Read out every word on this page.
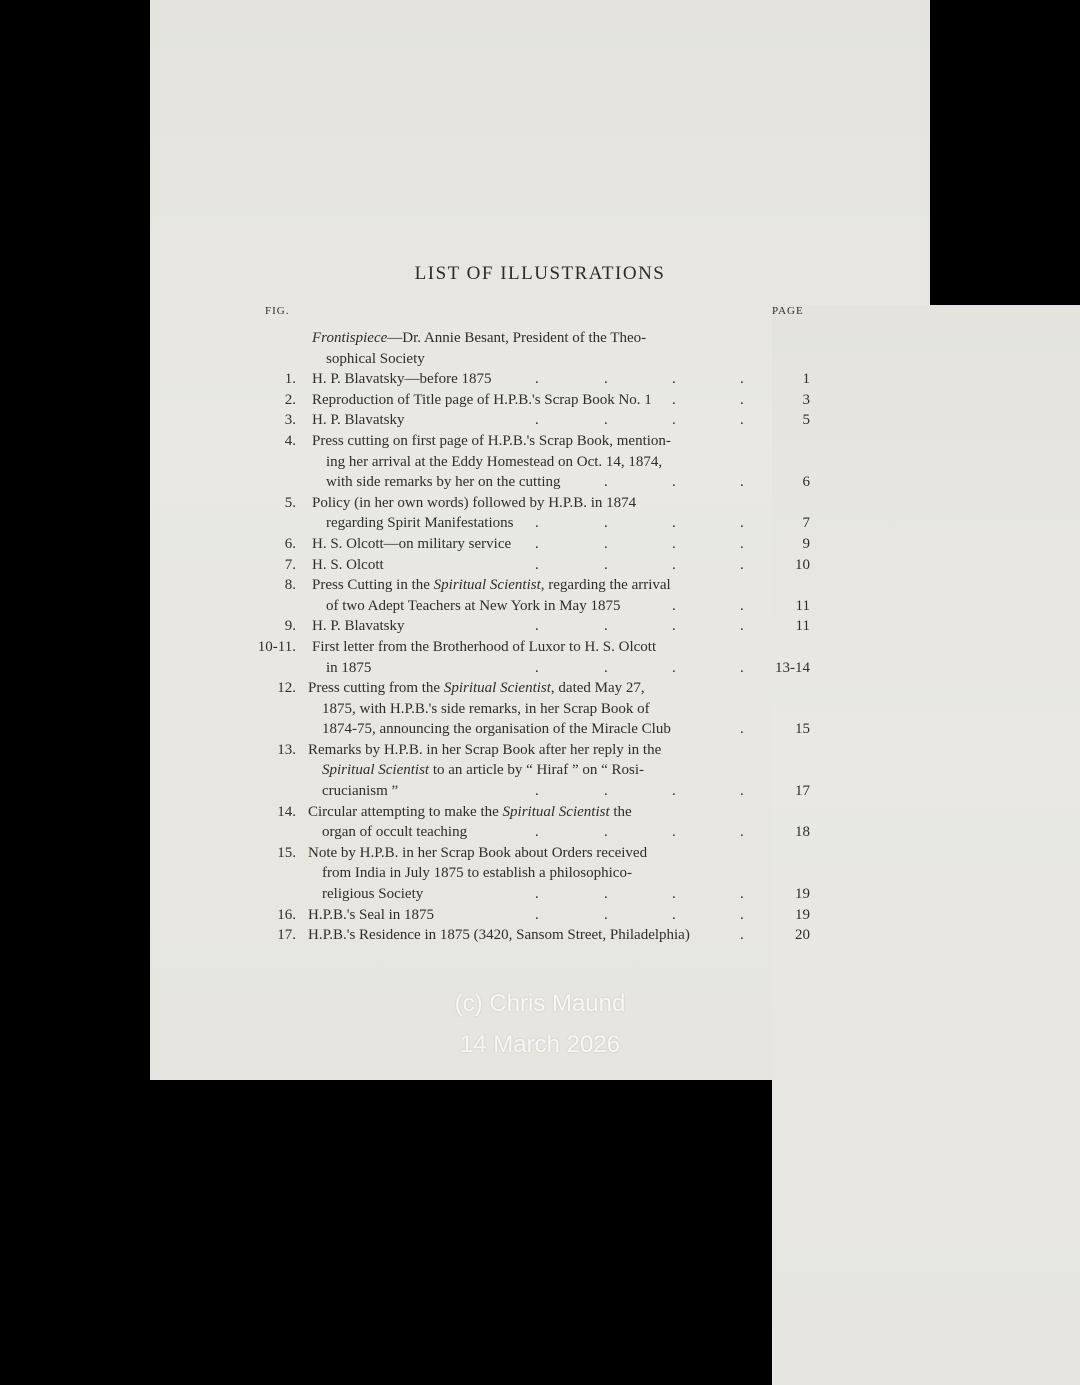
LIST OF ILLUSTRATIONS
FIG.	PAGE
Frontispiece—Dr. Annie Besant, President of the Theo-
sophical Society
1. H. P. Blavatsky—before 1875	.	.	.	.	1
2. Reproduction of Title page of H.P.B.'s Scrap Book No. 1 .	.	3
3. H. P. Blavatsky	.	.	.	.	5
4. Press cutting on first page of H.P.B.'s Scrap Book, mention-
ing her arrival at the Eddy Homestead on Oct. 14, 1874,
with side remarks by her on the cutting	.	.	.	6
5. Policy (in her own words) followed by H.P.B. in 1874
regarding Spirit Manifestations .	.	.	.	7
6. H. S. Olcott—on military service .	.	.	.	9
7. H. S. Olcott	.	.	.	.	10
8. Press Cutting in the Spiritual Scientist, regarding the arrival
of two Adept Teachers at New York in May 1875	.	.	11
9. H. P. Blavatsky	.	.	.	.	11
10-11. First letter from the Brotherhood of Luxor to H. S. Olcott
in 1875	.	.	.	.	13-14
12. Press cutting from the Spiritual Scientist, dated May 27,
1875, with H.P.B.'s side remarks, in her Scrap Book of
1874-75, announcing the organisation of the Miracle Club	.	15
13. Remarks by H.P.B. in her Scrap Book after her reply in the
Spiritual Scientist to an article by “ Hiraf ” on “ Rosi-
crucianism ”	.	.	.	.	17
14. Circular attempting to make the Spiritual Scientist the
organ of occult teaching	.	.	.	.	18
15. Note by H.P.B. in her Scrap Book about Orders received
from India in July 1875 to establish a philosophico-
religious Society	.	.	.	.	19
16. H.P.B.'s Seal in 1875	.	.	.	.	19
17. H.P.B.'s Residence in 1875 (3420, Sansom Street, Philadelphia)	.	20
(c) Chris Maund
14 March 2026
